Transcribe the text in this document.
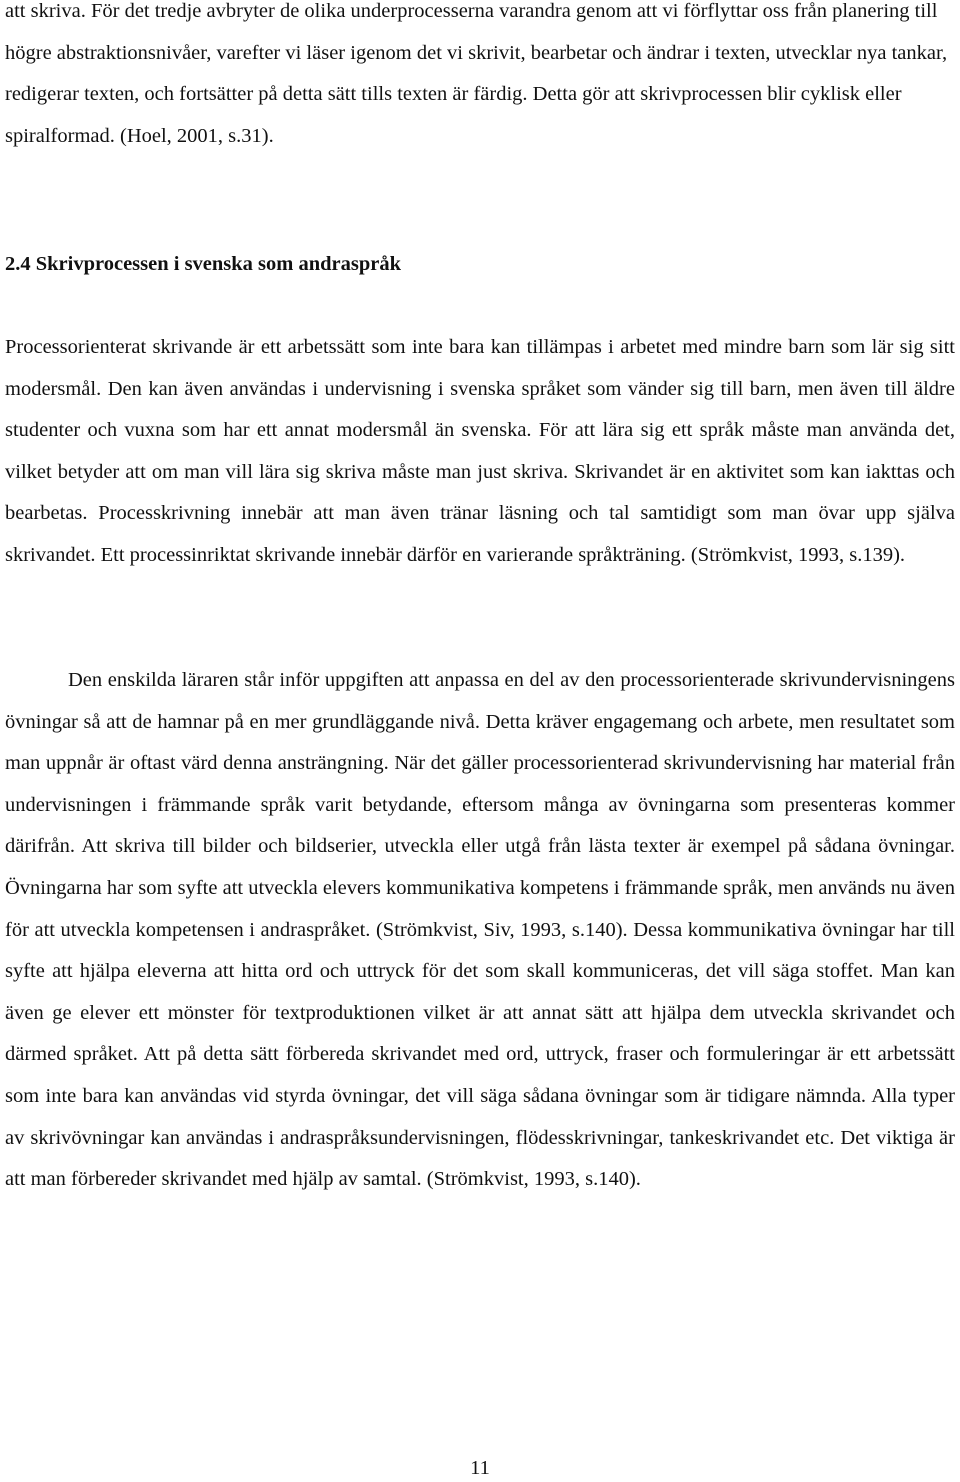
att skriva. För det tredje avbryter de olika underprocesserna varandra genom att vi förflyttar oss från planering till högre abstraktionsnivåer, varefter vi läser igenom det vi skrivit, bearbetar och ändrar i texten, utvecklar nya tankar, redigerar texten, och fortsätter på detta sätt tills texten är färdig. Detta gör att skrivprocessen blir cyklisk eller spiralformad. (Hoel, 2001, s.31).

2.4 Skrivprocessen i svenska som andraspråk

Processorienterat skrivande är ett arbetssätt som inte bara kan tillämpas i arbetet med mindre barn som lär sig sitt modersmål. Den kan även användas i undervisning i svenska språket som vänder sig till barn, men även till äldre studenter och vuxna som har ett annat modersmål än svenska. För att lära sig ett språk måste man använda det, vilket betyder att om man vill lära sig skriva måste man just skriva. Skrivandet är en aktivitet som kan iakttas och bearbetas. Processkrivning innebär att man även tränar läsning och tal samtidigt som man övar upp själva skrivandet. Ett processinriktat skrivande innebär därför en varierande språkträning. (Strömkvist, 1993, s.139).

Den enskilda läraren står inför uppgiften att anpassa en del av den processorienterade skrivundervisningens övningar så att de hamnar på en mer grundläggande nivå. Detta kräver engagemang och arbete, men resultatet som man uppnår är oftast värd denna ansträngning. När det gäller processorienterad skrivundervisning har material från undervisningen i främmande språk varit betydande, eftersom många av övningarna som presenteras kommer därifrån. Att skriva till bilder och bildserier, utveckla eller utgå från lästa texter är exempel på sådana övningar. Övningarna har som syfte att utveckla elevers kommunikativa kompetens i främmande språk, men används nu även för att utveckla kompetensen i andraspråket. (Strömkvist, Siv, 1993, s.140). Dessa kommunikativa övningar har till syfte att hjälpa eleverna att hitta ord och uttryck för det som skall kommuniceras, det vill säga stoffet. Man kan även ge elever ett mönster för textproduktionen vilket är att annat sätt att hjälpa dem utveckla skrivandet och därmed språket. Att på detta sätt förbereda skrivandet med ord, uttryck, fraser och formuleringar är ett arbetssätt som inte bara kan användas vid styrda övningar, det vill säga sådana övningar som är tidigare nämnda. Alla typer av skrivövningar kan användas i andraspråksundervisningen, flödesskrivningar, tankeskrivandet etc. Det viktiga är att man förbereder skrivandet med hjälp av samtal. (Strömkvist, 1993, s.140).

11
